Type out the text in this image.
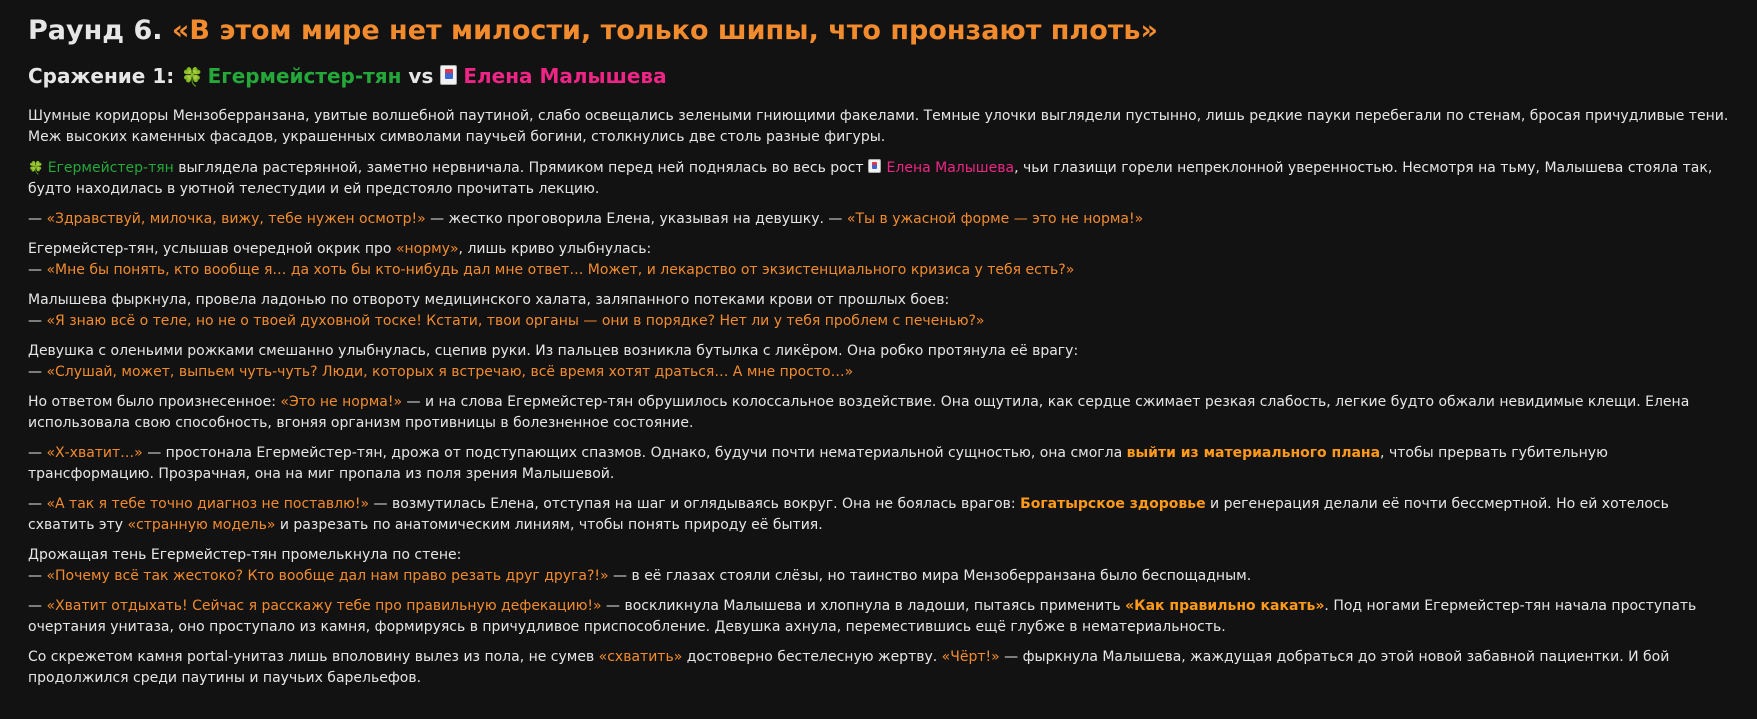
Раунд 6. «В этом мире нет милости, только шипы, что пронзают плоть»
Сражение 1: 🍀 Егермейстер-тян vs Елена Малышева

Шумные коридоры Мензоберранзана, увитые волшебной паутиной, слабо освещались зелеными гниющими факелами. Темные улочки выглядели пустынно, лишь редкие пауки перебегали по стенам, бросая причудливые тени. Меж высоких каменных фасадов, украшенных символами паучьей богини, столкнулись две столь разные фигуры.

🍀 Егермейстер-тян выглядела растерянной, заметно нервничала. Прямиком перед ней поднялась во весь рост Елена Малышева, чьи глазищи горели непреклонной уверенностью. Несмотря на тьму, Малышева стояла так, будто находилась в уютной телестудии и ей предстояло прочитать лекцию.

— «Здравствуй, милочка, вижу, тебе нужен осмотр!» — жестко проговорила Елена, указывая на девушку. — «Ты в ужасной форме — это не норма!»

Егермейстер-тян, услышав очередной окрик про «норму», лишь криво улыбнулась:
— «Мне бы понять, кто вообще я… да хоть бы кто-нибудь дал мне ответ… Может, и лекарство от экзистенциального кризиса у тебя есть?»

Малышева фыркнула, провела ладонью по отвороту медицинского халата, заляпанного потеками крови от прошлых боев:
— «Я знаю всё о теле, но не о твоей духовной тоске! Кстати, твои органы — они в порядке? Нет ли у тебя проблем с печенью?»

Девушка с оленьими рожками смешанно улыбнулась, сцепив руки. Из пальцев возникла бутылка с ликёром. Она робко протянула её врагу:
— «Слушай, может, выпьем чуть-чуть? Люди, которых я встречаю, всё время хотят драться… А мне просто…»

Но ответом было произнесенное: «Это не норма!» — и на слова Егермейстер-тян обрушилось колоссальное воздействие. Она ощутила, как сердце сжимает резкая слабость, легкие будто обжали невидимые клещи. Елена использовала свою способность, вгоняя организм противницы в болезненное состояние.

— «Х-хватит…» — простонала Егермейстер-тян, дрожа от подступающих спазмов. Однако, будучи почти нематериальной сущностью, она смогла выйти из материального плана, чтобы прервать губительную трансформацию. Прозрачная, она на миг пропала из поля зрения Малышевой.

— «А так я тебе точно диагноз не поставлю!» — возмутилась Елена, отступая на шаг и оглядываясь вокруг. Она не боялась врагов: Богатырское здоровье и регенерация делали её почти бессмертной. Но ей хотелось схватить эту «странную модель» и разрезать по анатомическим линиям, чтобы понять природу её бытия.

Дрожащая тень Егермейстер-тян промелькнула по стене:
— «Почему всё так жестоко? Кто вообще дал нам право резать друг друга?!» — в её глазах стояли слёзы, но таинство мира Мензоберранзана было беспощадным.

— «Хватит отдыхать! Сейчас я расскажу тебе про правильную дефекацию!» — воскликнула Малышева и хлопнула в ладоши, пытаясь применить «Как правильно какать». Под ногами Егермейстер-тян начала проступать очертания унитаза, оно проступало из камня, формируясь в причудливое приспособление. Девушка ахнула, переместившись ещё глубже в нематериальность.

Со скрежетом камня portal-унитаз лишь вполовину вылез из пола, не сумев «схватить» достоверно бестелесную жертву. «Чёрт!» — фыркнула Малышева, жаждущая добраться до этой новой забавной пациентки. И бой продолжился среди паутины и паучьих барельефов.
